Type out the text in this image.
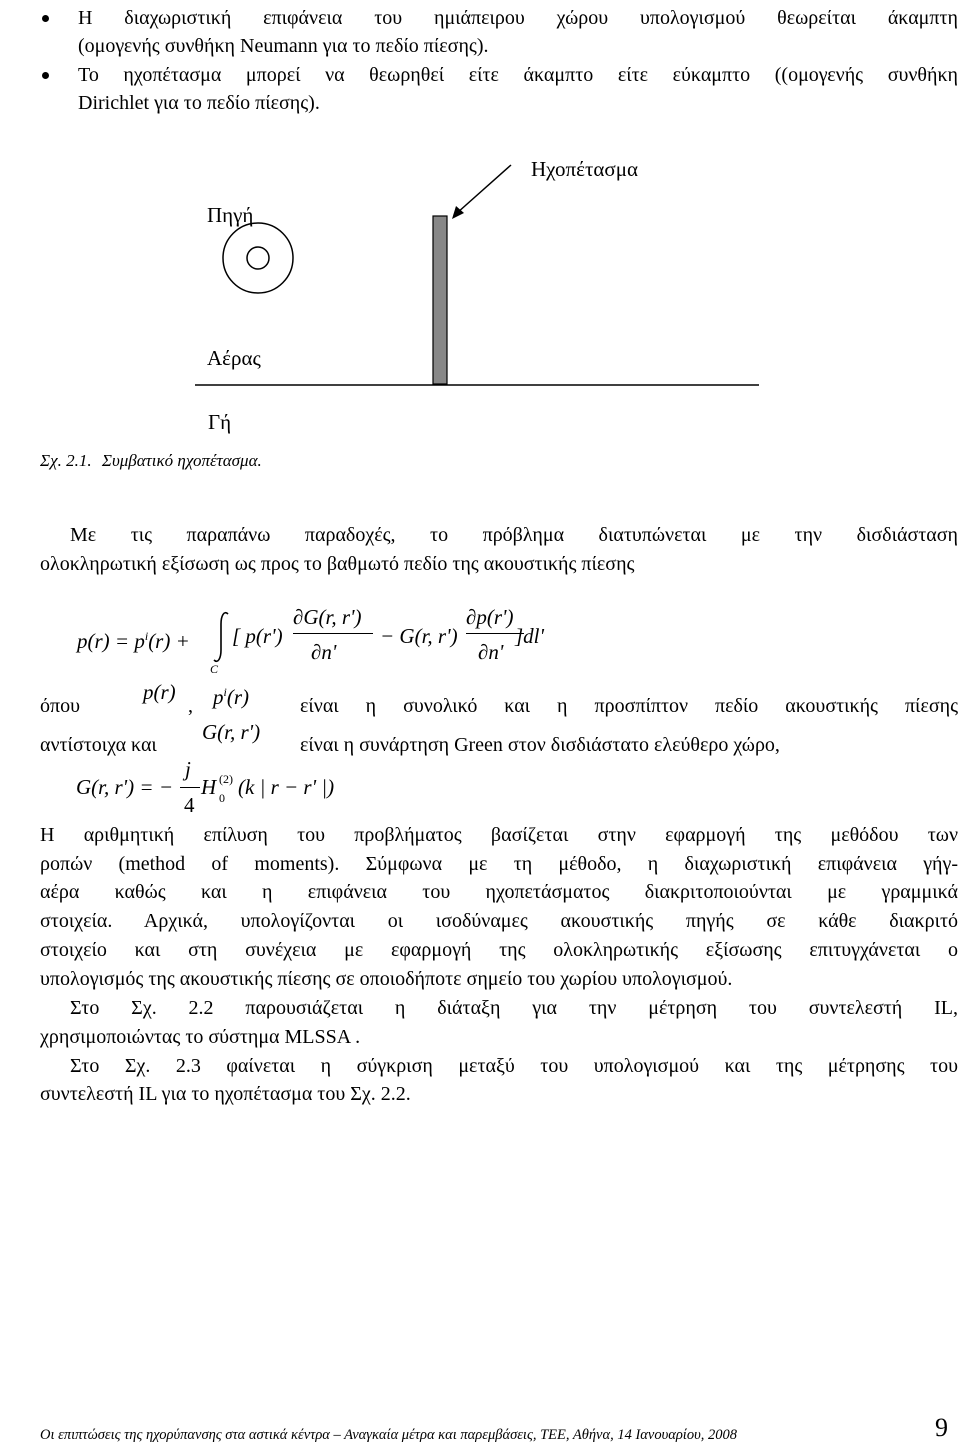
Η διαχωριστική επιφάνεια του ημιάπειρου χώρου υπολογισμού θεωρείται άκαμπτη
(ομογενής συνθήκη Neumann για το πεδίο πίεσης).
Το ηχοπέτασμα μπορεί να θεωρηθεί είτε άκαμπτο είτε εύκαμπτο ((ομογενής συνθήκη
Dirichlet για το πεδίο πίεσης).
Πηγή
Ηχοπέτασμα
Αέρας
Γή
Σχ. 2.1. Συμβατικό ηχοπέτασμα.
Με τις παραπάνω παραδοχές, το πρόβλημα διατυπώνεται με την δισδιάσταση
ολοκληρωτική εξίσωση ως προς το βαθμωτό πεδίο της ακουστικής πίεσης
$p(r) = p^i(r)$ +
C
[ p(r')
∂G(r, r')
∂n'
− G(r, r')
∂p(r')
∂n'
]dl'
όπου
p(r)
, $p^i(r)$	είναι η συνολικό και η προσπίπτον πεδίο ακουστικής πίεσης
αντίστοιχα και
G(r, r')
είναι η συνάρτηση Green στον δισδιάστατο ελεύθερο χώρο,
G(r, r') = −
j
4
H (2)
0 (k | r − r' |)
Η αριθμητική επίλυση του προβλήματος βασίζεται στην εφαρμογή της μεθόδου των
ροπών (method of moments). Σύμφωνα με τη μέθοδο, η διαχωριστική επιφάνεια γήγ-
αέρα καθώς και η επιφάνεια του ηχοπετάσματος διακριτοποιούνται με γραμμικά
στοιχεία. Αρχικά, υπολογίζονται οι ισοδύναμες ακουστικής πηγής σε κάθε διακριτό
στοιχείο και στη συνέχεια με εφαρμογή της ολοκληρωτικής εξίσωσης επιτυγχάνεται ο
υπολογισμός της ακουστικής πίεσης σε οποιοδήποτε σημείο του χωρίου υπολογισμού.
Στο Σχ. 2.2 παρουσιάζεται η διάταξη για την μέτρηση του συντελεστή IL,
χρησιμοποιώντας το σύστημα MLSSA .
Στο Σχ. 2.3 φαίνεται η σύγκριση μεταξύ του υπολογισμού και της μέτρησης του
συντελεστή IL για το ηχοπέτασμα του Σχ. 2.2.
Οι επιπτώσεις της ηχορύπανσης στα αστικά κέντρα – Αναγκαία μέτρα και παρεμβάσεις, ΤΕΕ, Αθήνα, 14 Ιανουαρίου, 2008	9
